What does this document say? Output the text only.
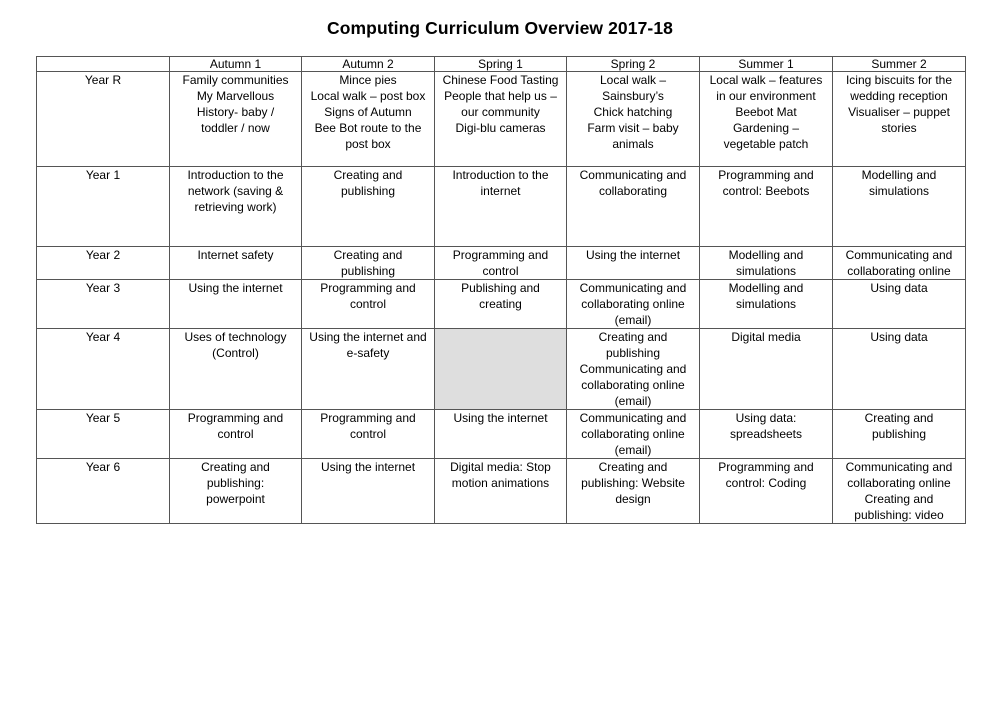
Computing Curriculum Overview 2017-18
	Autumn 1	Autumn 2	Spring 1	Spring 2	Summer 1	Summer 2
Year R	Family communities
My Marvellous
History- baby /
toddler / now	Mince pies
Local walk – post box
Signs of Autumn
Bee Bot route to the
post box	Chinese Food Tasting
People that help us –
our community
Digi-blu cameras	Local walk –
Sainsbury’s
Chick hatching
Farm visit – baby
animals	Local walk – features
in our environment
Beebot Mat
Gardening –
vegetable patch	Icing biscuits for the
wedding reception
Visualiser – puppet
stories
Year 1	Introduction to the
network (saving &
retrieving work)	Creating and
publishing	Introduction to the
internet	Communicating and
collaborating	Programming and
control: Beebots	Modelling and
simulations
Year 2	Internet safety	Creating and
publishing	Programming and
control	Using the internet	Modelling and
simulations	Communicating and
collaborating online
Year 3	Using the internet	Programming and
control	Publishing and
creating	Communicating and
collaborating online
(email)	Modelling and
simulations	Using data
Year 4	Uses of technology
(Control)	Using the internet and
e-safety		Creating and
publishing
Communicating and
collaborating online
(email)	Digital media	Using data
Year 5	Programming and
control	Programming and
control	Using the internet	Communicating and
collaborating online
(email)	Using data:
spreadsheets	Creating and
publishing
Year 6	Creating and
publishing:
powerpoint	Using the internet	Digital media: Stop
motion animations	Creating and
publishing: Website
design	Programming and
control: Coding	Communicating and
collaborating online
Creating and
publishing: video
